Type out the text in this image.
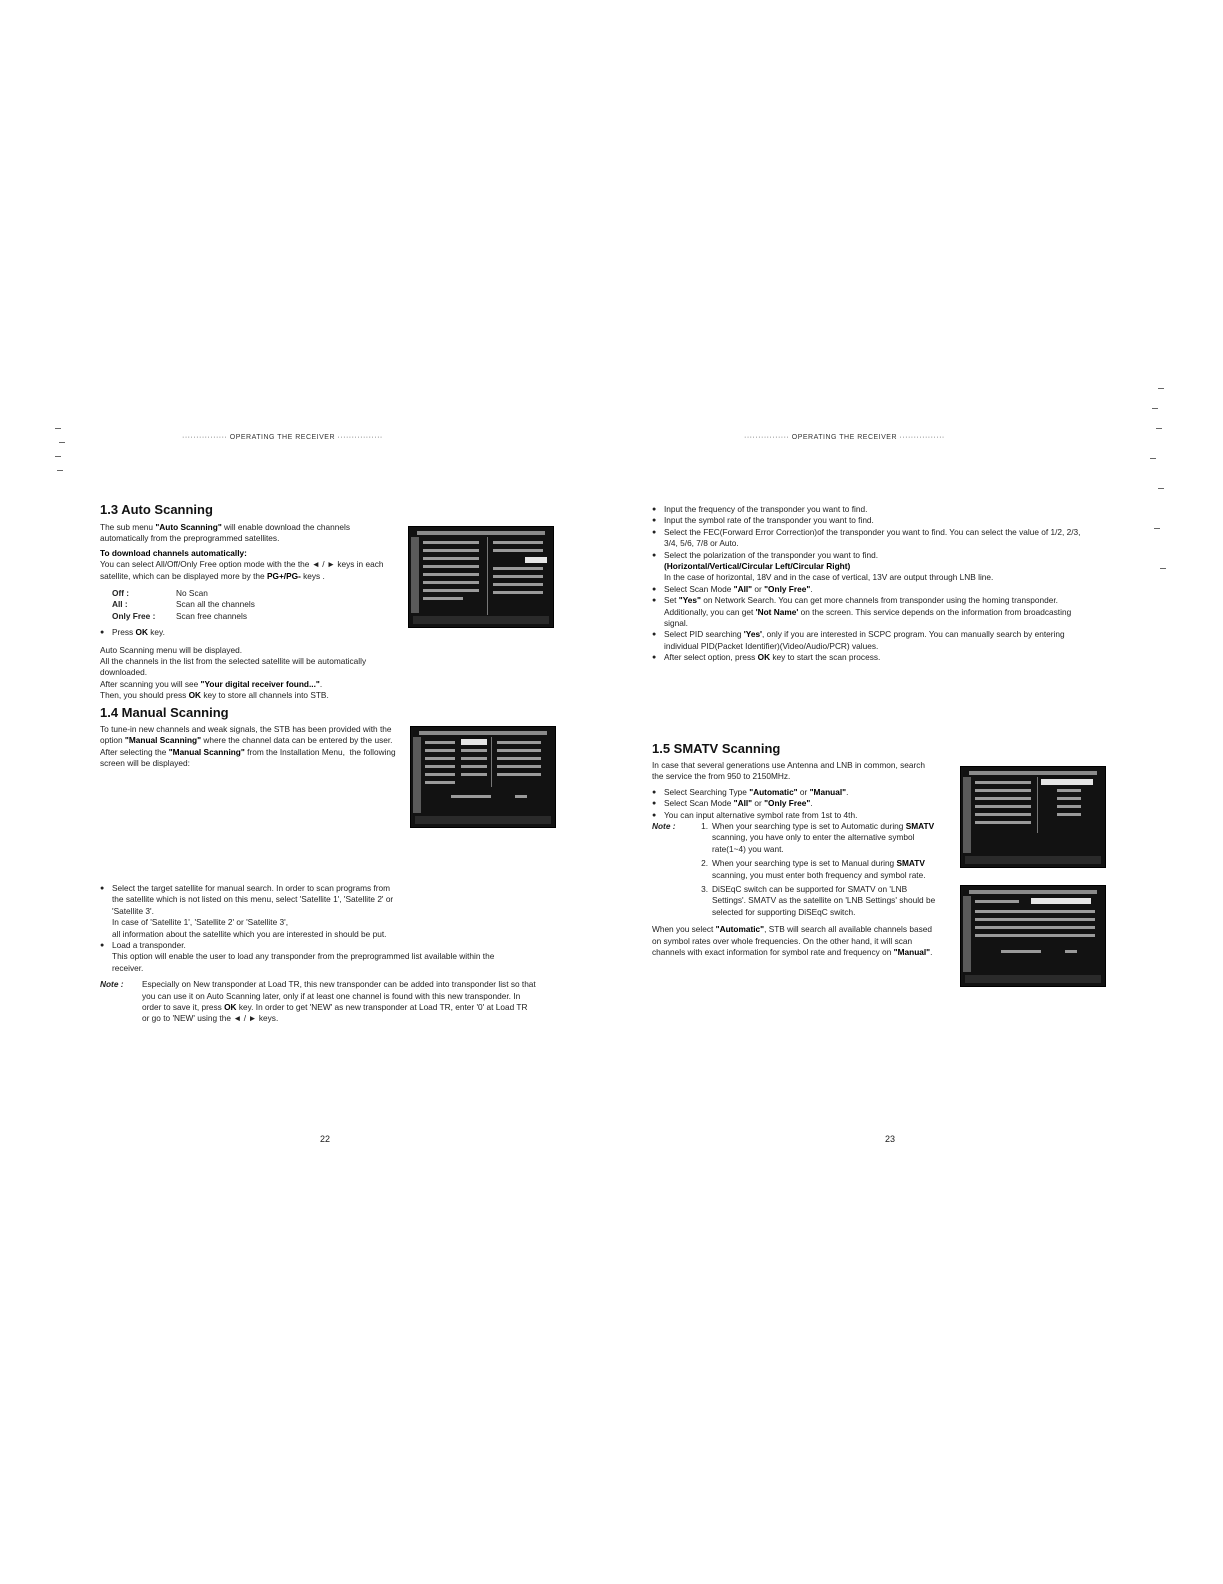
················ OPERATING THE RECEIVER ················
1.3 Auto Scanning

The sub menu "Auto Scanning" will enable download the channels automatically from the preprogrammed satellites.

To download channels automatically:

You can select All/Off/Only Free option mode with the the ◄ / ► keys in each satellite, which can be displayed more by the PG+/PG- keys .

Off :	No Scan
All :	Scan all the channels
Only Free :	Scan free channels

● Press OK key.

Auto Scanning menu will be displayed.

All the channels in the list from the selected satellite will be automatically downloaded.

After scanning you will see "Your digital receiver found...".

Then, you should press OK key to store all channels into STB.

1.4 Manual Scanning

To tune-in new channels and weak signals, the STB has been provided with the option "Manual Scanning" where the channel data can be entered by the user.

After selecting the "Manual Scanning" from the Installation Menu,  the following screen will be displayed:

● Select the target satellite for manual search. In order to scan programs from the satellite which is not listed on this menu, select 'Satellite 1', 'Satellite 2' or 'Satellite 3'.

In case of 'Satellite 1', 'Satellite 2' or 'Satellite 3',

all information about the satellite which you are interested in should be put.

● Load a transponder.

This option will enable the user to load any transponder from the preprogrammed list available within the receiver.

Note :	Especially on New transponder at Load TR, this new transponder can be added into transponder list so that you can use it on Auto Scanning later, only if at least one channel is found with this new transponder. In order to save it, press OK key. In order to get 'NEW' as new transponder at Load TR, enter '0' at Load TR or go to 'NEW' using the ◄ / ► keys.
22
················ OPERATING THE RECEIVER ················

● Input the frequency of the transponder you want to find.

● Input the symbol rate of the transponder you want to find.

● Select the FEC(Forward Error Correction)of the transponder you want to find. You can select the value of 1/2, 2/3, 3/4, 5/6, 7/8 or Auto.

● Select the polarization of the transponder you want to find.

(Horizontal/Vertical/Circular Left/Circular Right)

In the case of horizontal, 18V and in the case of vertical, 13V are output through LNB line.

● Select Scan Mode "All" or "Only Free".

● Set "Yes" on Network Search. You can get more channels from transponder using the homing transponder. Additionally, you can get 'Not Name' on the screen. This service depends on the information from broadcasting signal.

● Select PID searching 'Yes', only if you are interested in SCPC program. You can manually search by entering individual PID(Packet Identifier)(Video/Audio/PCR) values.

● After select option, press OK key to start the scan process.

1.5 SMATV Scanning

In case that several generations use Antenna and LNB in common, search the service the from 950 to 2150MHz.

● Select Searching Type "Automatic" or "Manual".

● Select Scan Mode "All" or "Only Free".

● You can input alternative symbol rate from 1st to 4th.

Note :	1. When your searching type is set to Automatic during SMATV scanning, you have only to enter the alternative symbol rate(1~4) you want.
2. When your searching type is set to Manual during SMATV scanning, you must enter both frequency and symbol rate.
3. DiSEqC switch can be supported for SMATV on 'LNB Settings'. SMATV as the satellite on 'LNB Settings' should be selected for supporting DiSEqC switch.

When you select "Automatic", STB will search all available channels based on symbol rates over whole frequencies. On the other hand, it will scan channels with exact information for symbol rate and frequency on "Manual".

23
